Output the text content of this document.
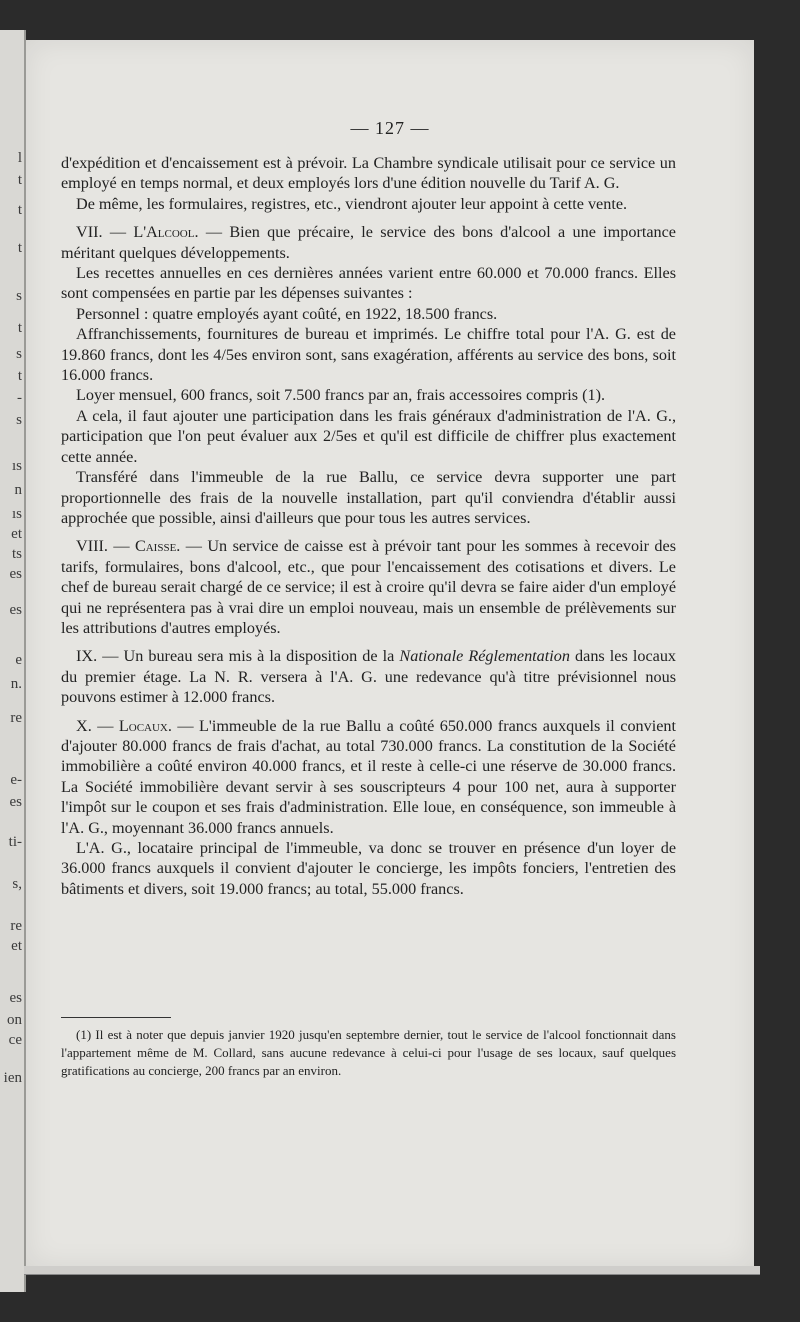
l
t
t
t
s
t
s
t
-
s
ıs
n
ıs
et
ts
es
es
e
n.
re
e-
es
ti-
s,
re
et
es
on
ce
ien
— 127 —

d'expédition et d'encaissement est à prévoir. La Chambre syndicale utilisait pour ce service un employé en temps normal, et deux employés lors d'une édition nouvelle du Tarif A. G.

De même, les formulaires, registres, etc., viendront ajouter leur appoint à cette vente.

VII. — L'Alcool. — Bien que précaire, le service des bons d'alcool a une importance méritant quelques développements.

Les recettes annuelles en ces dernières années varient entre 60.000 et 70.000 francs. Elles sont compensées en partie par les dépenses suivantes :

Personnel : quatre employés ayant coûté, en 1922, 18.500 francs.

Affranchissements, fournitures de bureau et imprimés. Le chiffre total pour l'A. G. est de 19.860 francs, dont les 4/5es environ sont, sans exagération, afférents au service des bons, soit 16.000 francs.

Loyer mensuel, 600 francs, soit 7.500 francs par an, frais accessoires compris (1).

A cela, il faut ajouter une participation dans les frais généraux d'administration de l'A. G., participation que l'on peut évaluer aux 2/5es et qu'il est difficile de chiffrer plus exactement cette année.

Transféré dans l'immeuble de la rue Ballu, ce service devra supporter une part proportionnelle des frais de la nouvelle installation, part qu'il conviendra d'établir aussi approchée que possible, ainsi d'ailleurs que pour tous les autres services.

VIII. — Caisse. — Un service de caisse est à prévoir tant pour les sommes à recevoir des tarifs, formulaires, bons d'alcool, etc., que pour l'encaissement des cotisations et divers. Le chef de bureau serait chargé de ce service; il est à croire qu'il devra se faire aider d'un employé qui ne représentera pas à vrai dire un emploi nouveau, mais un ensemble de prélèvements sur les attributions d'autres employés.

IX. — Un bureau sera mis à la disposition de la Nationale Réglementation dans les locaux du premier étage. La N. R. versera à l'A. G. une redevance qu'à titre prévisionnel nous pouvons estimer à 12.000 francs.

X. — Locaux. — L'immeuble de la rue Ballu a coûté 650.000 francs auxquels il convient d'ajouter 80.000 francs de frais d'achat, au total 730.000 francs. La constitution de la Société immobilière a coûté environ 40.000 francs, et il reste à celle-ci une réserve de 30.000 francs. La Société immobilière devant servir à ses souscripteurs 4 pour 100 net, aura à supporter l'impôt sur le coupon et ses frais d'administration. Elle loue, en conséquence, son immeuble à l'A. G., moyennant 36.000 francs annuels.

L'A. G., locataire principal de l'immeuble, va donc se trouver en présence d'un loyer de 36.000 francs auxquels il convient d'ajouter le concierge, les impôts fonciers, l'entretien des bâtiments et divers, soit 19.000 francs; au total, 55.000 francs.

(1) Il est à noter que depuis janvier 1920 jusqu'en septembre dernier, tout le service de l'alcool fonctionnait dans l'appartement même de M. Collard, sans aucune redevance à celui-ci pour l'usage de ses locaux, sauf quelques gratifications au concierge, 200 francs par an environ.
